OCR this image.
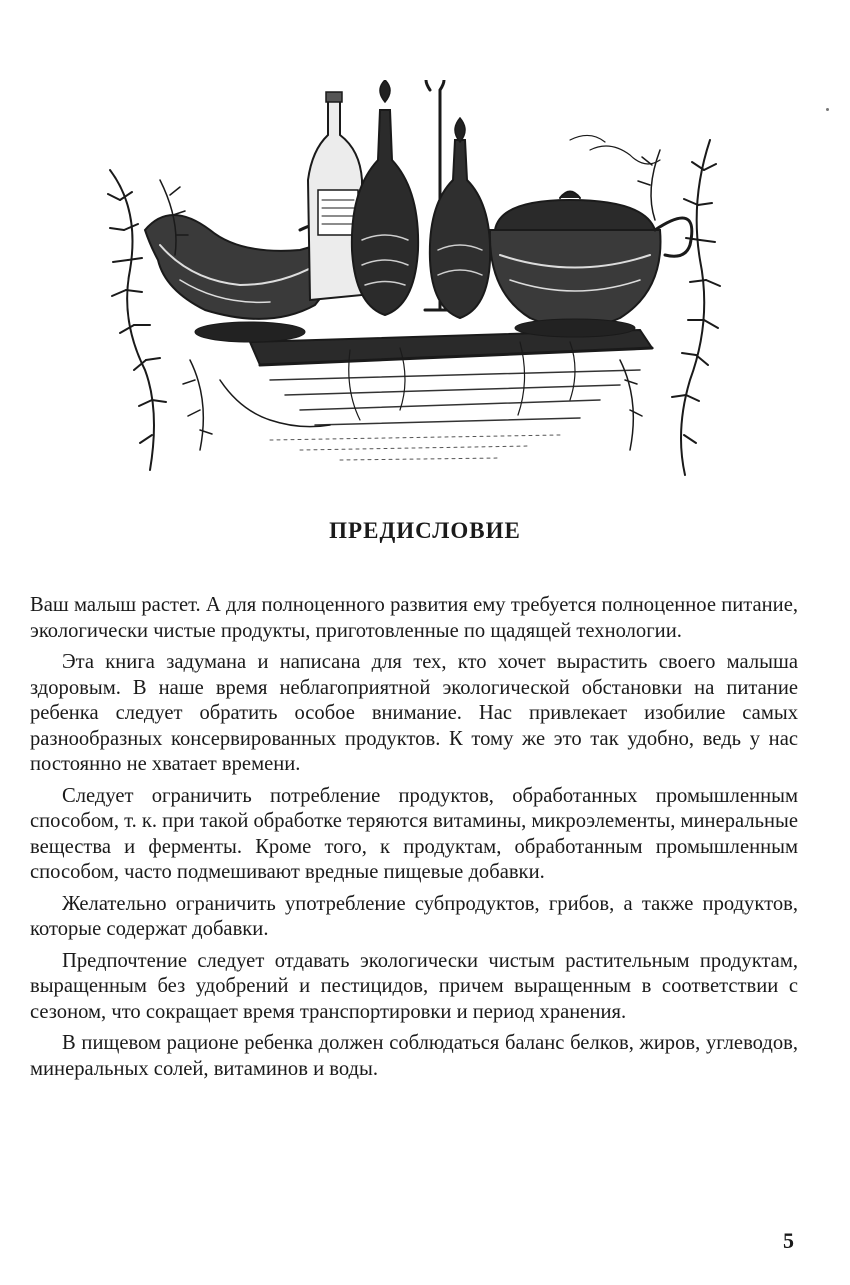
ПРЕДИСЛОВИЕ

Ваш малыш растет. А для полноценного развития ему требуется полноценное питание, экологически чистые продукты, приготовленные по щадящей технологии.

Эта книга задумана и написана для тех, кто хочет вырастить своего малыша здоровым. В наше время неблагоприятной экологической обстановки на питание ребенка следует обратить особое внимание. Нас привлекает изобилие самых разнообразных консервированных продуктов. К тому же это так удобно, ведь у нас постоянно не хватает времени.

Следует ограничить потребление продуктов, обработанных промышленным способом, т. к. при такой обработке теряются витамины, микроэлементы, минеральные вещества и ферменты. Кроме того, к продуктам, обработанным промышленным способом, часто подмешивают вредные пищевые добавки.

Желательно ограничить употребление субпродуктов, грибов, а также продуктов, которые содержат добавки.

Предпочтение следует отдавать экологически чистым растительным продуктам, выращенным без удобрений и пестицидов, причем выращенным в соответствии с сезоном, что сокращает время транспортировки и период хранения.

В пищевом рационе ребенка должен соблюдаться баланс белков, жиров, углеводов, минеральных солей, витаминов и воды.

5
